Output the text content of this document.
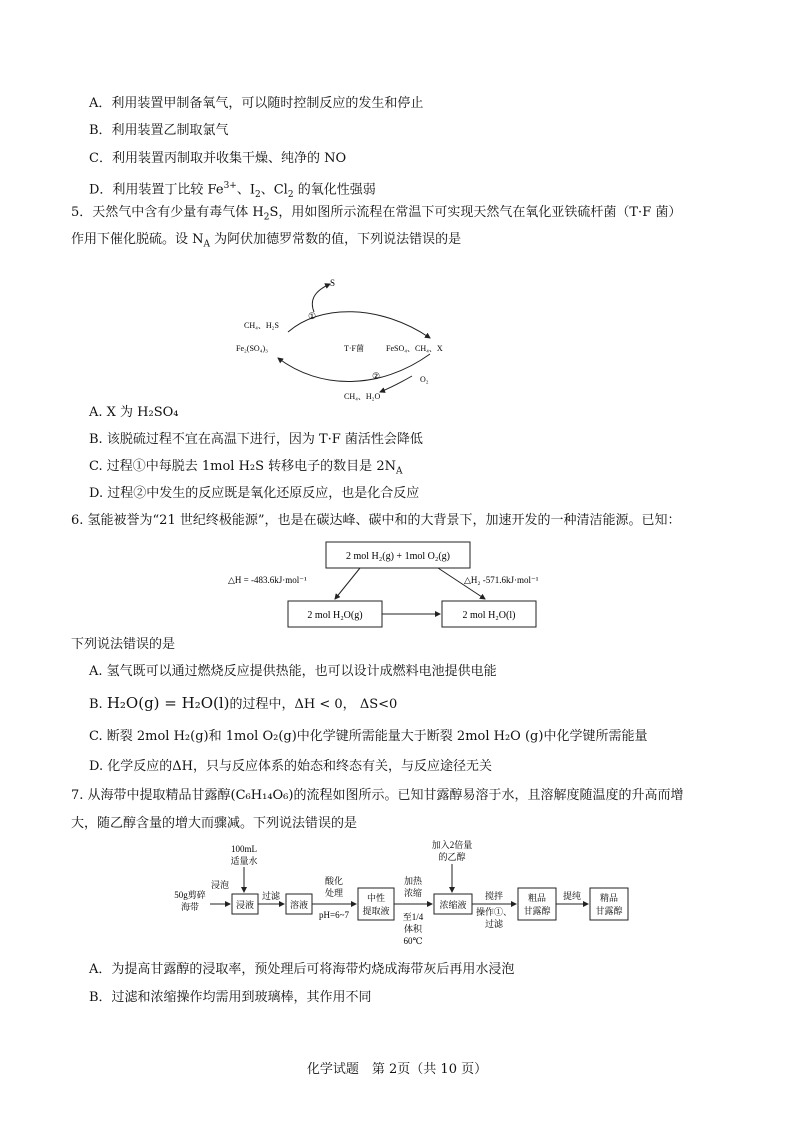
A．利用装置甲制备氧气，可以随时控制反应的发生和停止
B．利用装置乙制取氯气
C．利用装置丙制取并收集干燥、纯净的 NO
D．利用装置丁比较 $Fe^{3+}$、$I_2$、$Cl_2$ 的氧化性强弱
5．天然气中含有少量有毒气体 $H_2S$，用如图所示流程在常温下可实现天然气在氧化亚铁硫杆菌（T·F 菌）
作用下催化脱硫。设 $N_A$ 为阿伏加德罗常数的值，下列说法错误的是
S
CH₄、H₂S
①
Fe₂(SO₄)₃	T·F菌	FeSO₄、CH₄、X
②	O₂
CH₄、H₂O
A. X 为 H₂SO₄
B. 该脱硫过程不宜在高温下进行，因为 T·F 菌活性会降低
C. 过程①中每脱去 1mol H₂S 转移电子的数目是 $2N_A$
D. 过程②中发生的反应既是氧化还原反应，也是化合反应
6. 氢能被誉为“21 世纪终极能源”，也是在碳达峰、碳中和的大背景下，加速开发的一种清洁能源。已知：
2 mol H₂(g) + 1mol O₂(g)
2 mol H₂O(g)	2 mol H₂O(l)
△H = -483.6kJ·mol⁻¹	△H₂ -571.6kJ·mol⁻¹
下列说法错误的是
A. 氢气既可以通过燃烧反应提供热能，也可以设计成燃料电池提供电能
B. H₂O(g) = H₂O(l)的过程中，ΔH < 0， ΔS<0
C. 断裂 2mol H₂(g)和 1mol O₂(g)中化学键所需能量大于断裂 2mol H₂O (g)中化学键所需能量
D. 化学反应的ΔH，只与反应体系的始态和终态有关，与反应途径无关
7. 从海带中提取精品甘露醇(C₆H₁₄O₆)的流程如图所示。已知甘露醇易溶于水，且溶解度随温度的升高而增
大，随乙醇含量的增大而骤减。下列说法错误的是
100mL
适量水
加入2倍量
的乙醇
50g剪碎
海带
浸泡
浸液
过滤
溶液
酸化
处理
pH=6~7
中性
提取液
加热
浓缩
至1/4
体积
60℃
浓缩液
搅拌
操作①、
过滤
粗品
甘露醇
提纯 精品
甘露醇
A．为提高甘露醇的浸取率，预处理后可将海带灼烧成海带灰后再用水浸泡
B．过滤和浓缩操作均需用到玻璃棒，其作用不同
化学试题　第 2页（共 10 页）
